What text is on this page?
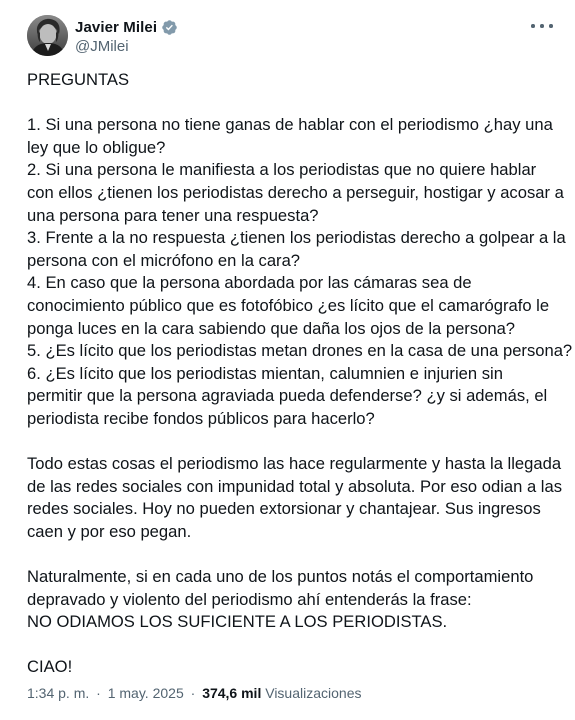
Javier Milei
@JMilei

PREGUNTAS

1. Si una persona no tiene ganas de hablar con el periodismo ¿hay una

ley que lo obligue?

2. Si una persona le manifiesta a los periodistas que no quiere hablar

con ellos ¿tienen los periodistas derecho a perseguir, hostigar y acosar a

una persona para tener una respuesta?

3. Frente a la no respuesta ¿tienen los periodistas derecho a golpear a la

persona con el micrófono en la cara?

4. En caso que la persona abordada por las cámaras sea de

conocimiento público que es fotofóbico ¿es lícito que el camarógrafo le

ponga luces en la cara sabiendo que daña los ojos de la persona?

5. ¿Es lícito que los periodistas metan drones en la casa de una persona?

6. ¿Es lícito que los periodistas mientan, calumnien e injurien sin

permitir que la persona agraviada pueda defenderse? ¿y si además, el

periodista recibe fondos públicos para hacerlo?

Todo estas cosas el periodismo las hace regularmente y hasta la llegada

de las redes sociales con impunidad total y absoluta. Por eso odian a las

redes sociales. Hoy no pueden extorsionar y chantajear. Sus ingresos

caen y por eso pegan.

Naturalmente, si en cada uno de los puntos notás el comportamiento

depravado y violento del periodismo ahí entenderás la frase:

NO ODIAMOS LOS SUFICIENTE A LOS PERIODISTAS.

CIAO!

1:34 p. m. · 1 may. 2025 · 374,6 mil Visualizaciones
